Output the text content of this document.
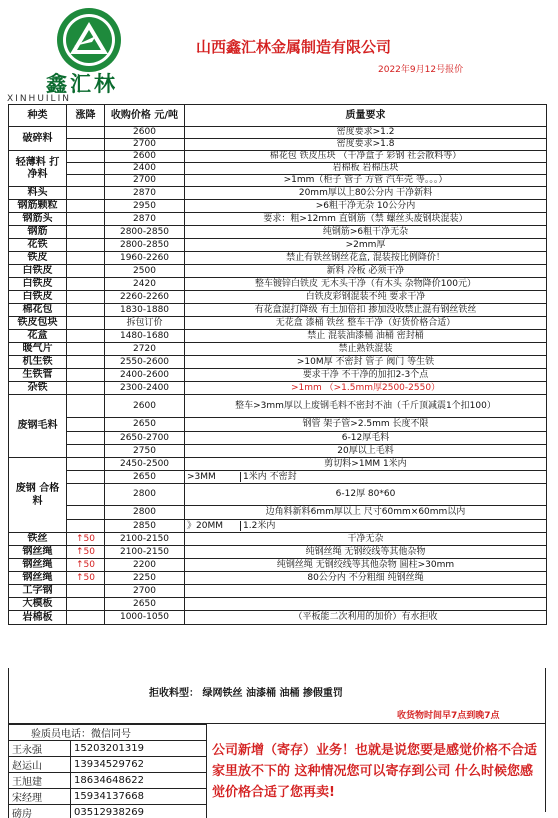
鑫汇林
XINHUILIN
山西鑫汇林金属制造有限公司
2022年9月12号报价
种类	涨降	收购价格 元/吨	质量要求
破碎料		2600	密度要求>1.2
		2700	密度要求>1.8
轻薄料 打净料		2600	棉花包 铁皮压块 （干净盒子 彩钢 社会散料等）
		2400	岩棉板 岩棉压块
		2700	>1mm（柜子 管子 方管 汽车壳 等。。。）
料头		2870	20mm厚以上80公分内 干净新料
钢筋颗粒		2950	>6粗干净无杂 10公分内
钢筋头		2870	要求：粗>12mm 直钢筋（禁 螺丝头废钢块混装）
钢筋		2800-2850	纯钢筋>6粗干净无杂
花铁		2800-2850	>2mm厚
铁皮		1960-2260	禁止有铁丝钢丝花盒, 混装按比例降价！
白铁皮		2500	新料 冷板 必须干净
白铁皮		2420	整车镀锌白铁皮 无木头干净（有木头 杂物降价100元）
白铁皮		2260-2260	白铁皮彩钢混装不纯 要求干净
棉花包		1830-1880	有花盒混打降级 有土加倍扣 掺加没收禁止混有钢丝铁丝
铁皮包块		拆包订价	无花盒 漆桶 铁丝 整车干净（好货价格合适）
花盒		1480-1680	禁止 混装油漆桶 油桶 密封桶
暖气片		2720	禁止熟铁混装
机生铁		2550-2600	>10M厚 不密封 管子 阀门 等生铁
生铁管		2400-2600	要求干净 不干净的加扣2-3个点
杂铁		2300-2400	>1mm （>1.5mm厚2500-2550）
废钢毛料		2600	整车>3mm厚以上废钢毛料不密封不油（千斤顶减震1个扣100）
		2650	钢管 架子管>2.5mm 长度不限
		2650-2700	6-12厚毛料
		2750	20厚以上毛料
废钢 合格料		2450-2500	剪切料>1MM 1米内
		2650	>3MM 1米内 不密封

		2800	6-12厚 80*60
		2800	边角料新料6mm厚以上 尺寸60mm×60mm以内
		2850	》20MM 1.2米内

铁丝	↑50	2100-2150	干净无杂
钢丝绳	↑50	2100-2150	纯钢丝绳 无钢绞线等其他杂物
钢丝绳	↑50	2200	纯钢丝绳 无钢绞线等其他杂物 圆柱>30mm
钢丝绳	↑50	2250	80公分内 不分粗细 纯钢丝绳
工字钢		2700	
大模板		2650	
岩棉板		1000-1050	（平板能二次利用的加价）有水拒收
拒收料型： 绿网铁丝 油漆桶 油桶 掺假重罚
收货物时间早7点到晚7点
验质员电话：微信同号	
王永强	15203201319
赵运山	13934529762
王旭建	18634648622
宋经理	15934137668
磅房	03512938269
公司新增（寄存）业务！也就是说您要是感觉价格不合适家里放不下的 这种情况您可以寄存到公司 什么时候您感觉价格合适了您再卖!
